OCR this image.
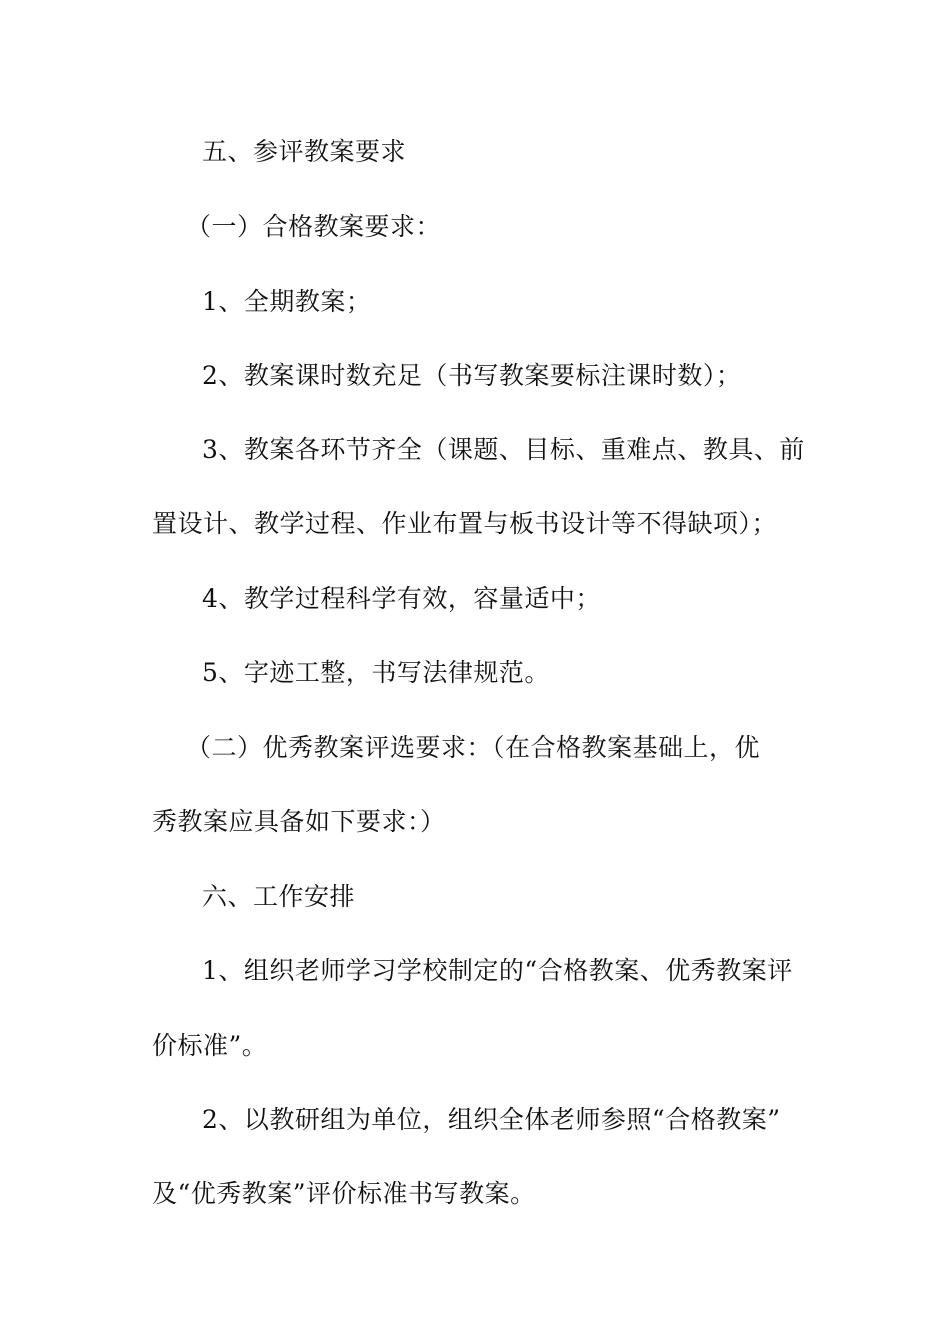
五、参评教案要求
（一）合格教案要求：
1、全期教案；
2、教案课时数充足（书写教案要标注课时数）；
3、教案各环节齐全（课题、目标、重难点、教具、前
置设计、教学过程、作业布置与板书设计等不得缺项）；
4、教学过程科学有效，容量适中；
5、字迹工整，书写法律规范。
（二）优秀教案评选要求：（在合格教案基础上，优
秀教案应具备如下要求：）
六、工作安排
1、组织老师学习学校制定的“合格教案、优秀教案评
价标准”。
2、以教研组为单位，组织全体老师参照“合格教案”
及“优秀教案”评价标准书写教案。
